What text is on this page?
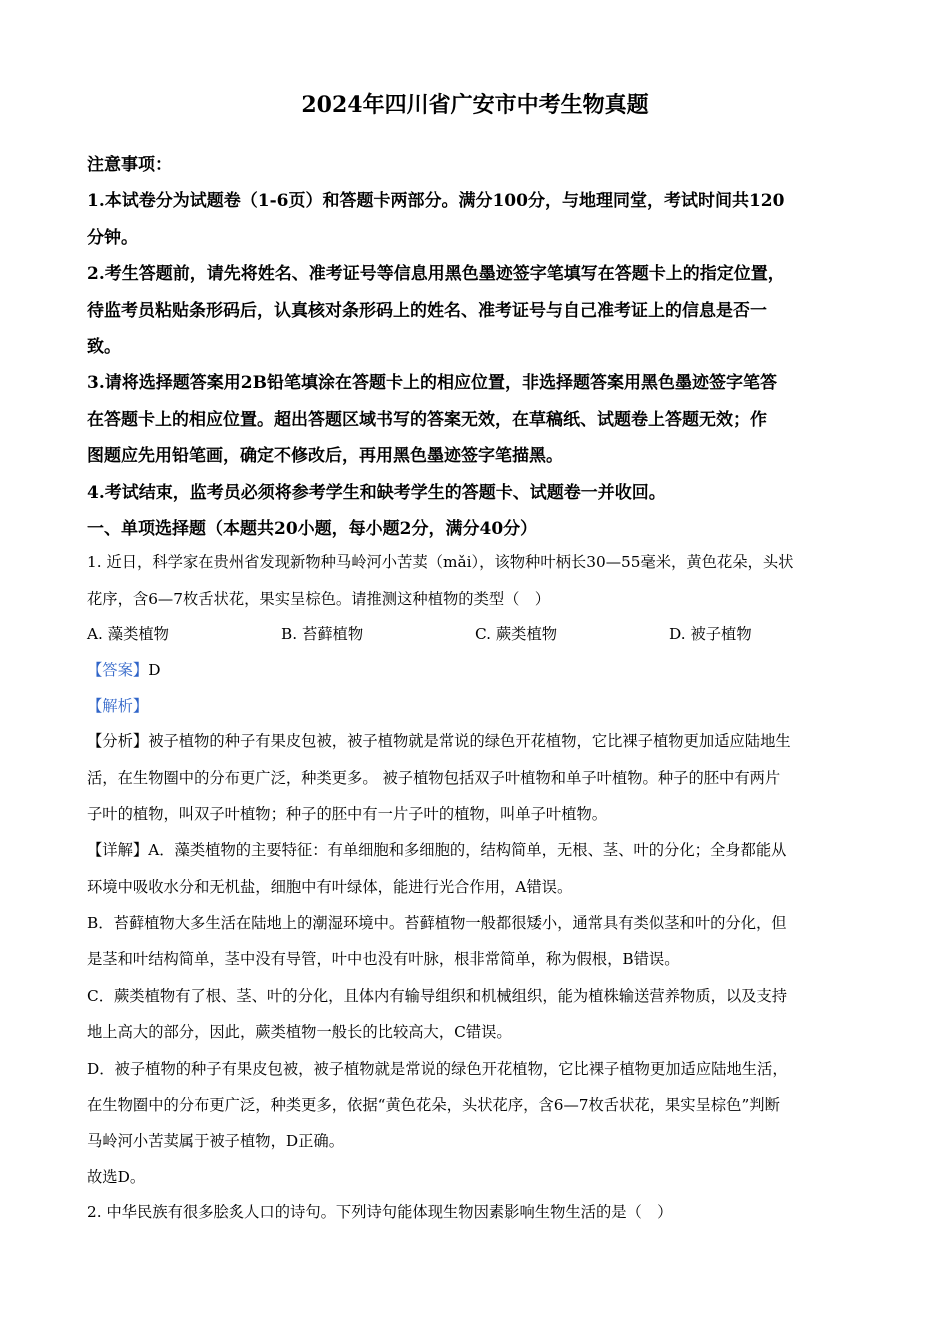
2024年四川省广安市中考生物真题
注意事项：
1.本试卷分为试题卷（1-6页）和答题卡两部分。满分100分，与地理同堂，考试时间共120
分钟。
2.考生答题前，请先将姓名、准考证号等信息用黑色墨迹签字笔填写在答题卡上的指定位置，
待监考员粘贴条形码后，认真核对条形码上的姓名、准考证号与自己准考证上的信息是否一
致。
3.请将选择题答案用2B铅笔填涂在答题卡上的相应位置，非选择题答案用黑色墨迹签字笔答
在答题卡上的相应位置。超出答题区域书写的答案无效，在草稿纸、试题卷上答题无效；作
图题应先用铅笔画，确定不修改后，再用黑色墨迹签字笔描黑。
4.考试结束，监考员必须将参考学生和缺考学生的答题卡、试题卷一并收回。
一、单项选择题（本题共20小题，每小题2分，满分40分）
1. 近日，科学家在贵州省发现新物种马岭河小苦荬（mǎi），该物种叶柄长30—55毫米，黄色花朵，头状
花序，含6—7枚舌状花，果实呈棕色。请推测这种植物的类型（　）
A. 藻类植物	B. 苔藓植物	C. 蕨类植物	D. 被子植物
【答案】D
【解析】
【分析】被子植物的种子有果皮包被，被子植物就是常说的绿色开花植物，它比裸子植物更加适应陆地生
活，在生物圈中的分布更广泛，种类更多。 被子植物包括双子叶植物和单子叶植物。种子的胚中有两片
子叶的植物，叫双子叶植物；种子的胚中有一片子叶的植物，叫单子叶植物。
【详解】A．藻类植物的主要特征：有单细胞和多细胞的，结构简单，无根、茎、叶的分化；全身都能从
环境中吸收水分和无机盐，细胞中有叶绿体，能进行光合作用，A错误。
B．苔藓植物大多生活在陆地上的潮湿环境中。苔藓植物一般都很矮小，通常具有类似茎和叶的分化，但
是茎和叶结构简单，茎中没有导管，叶中也没有叶脉，根非常简单，称为假根，B错误。
C．蕨类植物有了根、茎、叶的分化，且体内有输导组织和机械组织，能为植株输送营养物质，以及支持
地上高大的部分，因此，蕨类植物一般长的比较高大，C错误。
D．被子植物的种子有果皮包被，被子植物就是常说的绿色开花植物，它比裸子植物更加适应陆地生活，
在生物圈中的分布更广泛，种类更多，依据“黄色花朵，头状花序，含6—7枚舌状花，果实呈棕色”判断
马岭河小苦荬属于被子植物，D正确。
故选D。
2. 中华民族有很多脍炙人口的诗句。下列诗句能体现生物因素影响生物生活的是（　）
